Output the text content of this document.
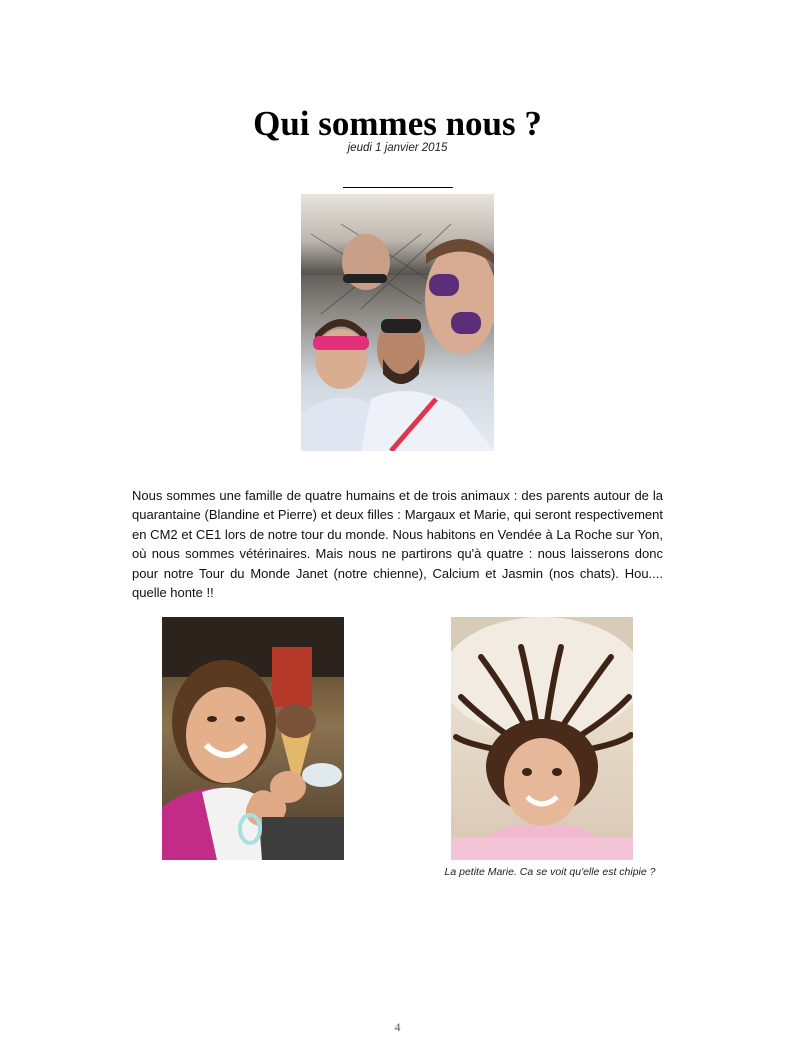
Qui sommes nous ?
jeudi 1 janvier 2015
Nous sommes une famille de quatre humains et de trois animaux : des parents autour de la quarantaine (Blandine et Pierre) et deux filles : Margaux et Marie, qui seront respectivement en CM2 et CE1 lors de notre tour du monde. Nous habitons en Vendée à La Roche sur Yon, où nous sommes vétérinaires. Mais nous ne partirons qu'à quatre : nous laisserons donc pour notre Tour du Monde Janet (notre chienne), Calcium et Jasmin (nos chats). Hou.... quelle honte !!
La petite Marie. Ca se voit qu'elle est chipie ?
4
